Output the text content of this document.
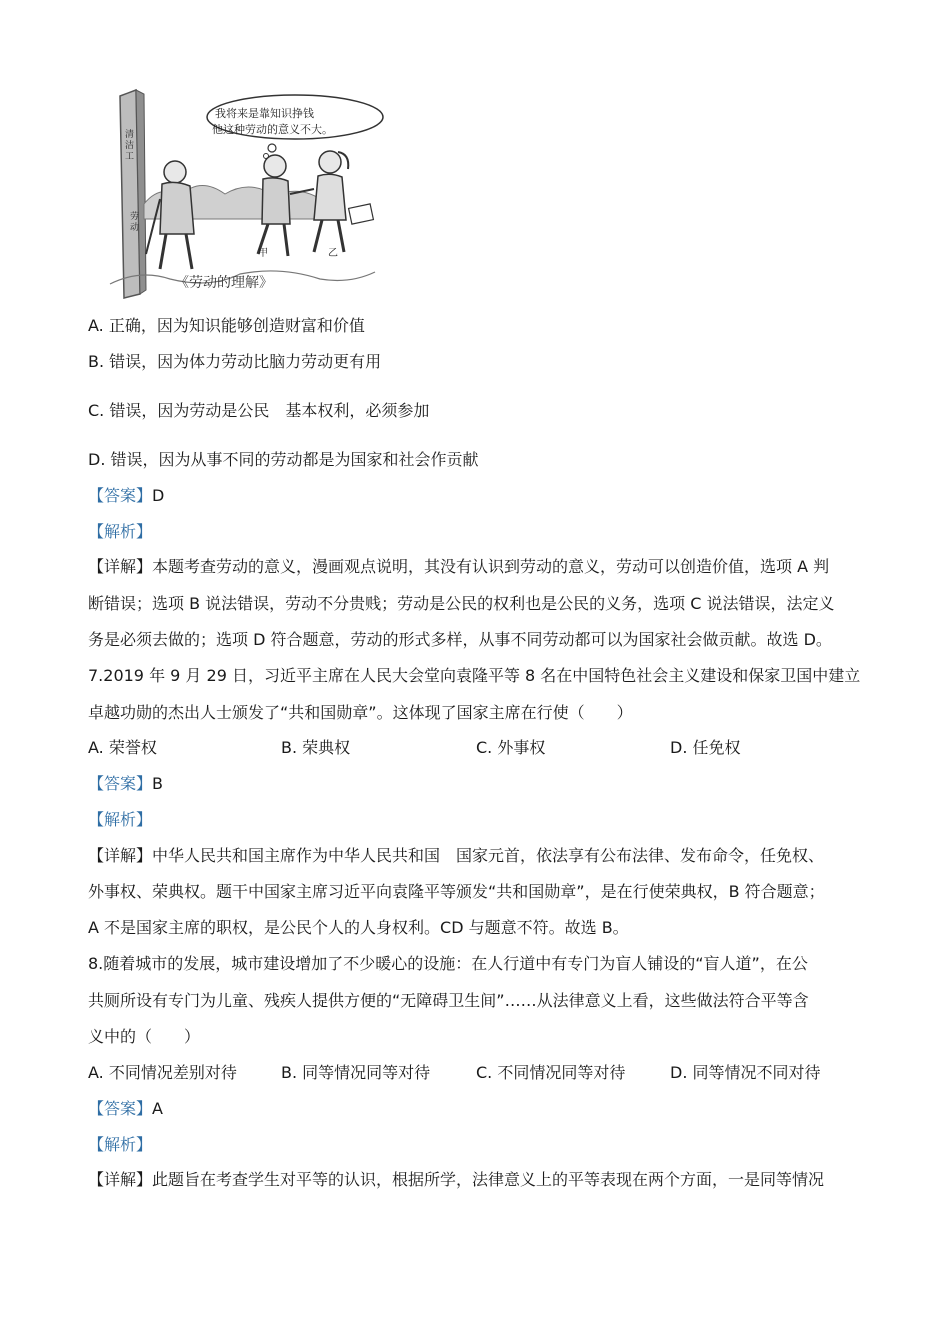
我将来是靠知识挣钱
他这种劳动的意义不大。
清洁工
劳动
甲	乙
《劳动的理解》
A. 正确，因为知识能够创造财富和价值
B. 错误，因为体力劳动比脑力劳动更有用
C. 错误，因为劳动是公民　基本权利，必须参加
D. 错误，因为从事不同的劳动都是为国家和社会作贡献
【答案】D
【解析】
【详解】本题考查劳动的意义，漫画观点说明，其没有认识到劳动的意义，劳动可以创造价值，选项 A 判
断错误；选项 B 说法错误，劳动不分贵贱；劳动是公民的权利也是公民的义务，选项 C 说法错误，法定义
务是必须去做的；选项 D 符合题意，劳动的形式多样，从事不同劳动都可以为国家社会做贡献。故选 D。
7.2019 年 9 月 29 日，习近平主席在人民大会堂向袁隆平等 8 名在中国特色社会主义建设和保家卫国中建立
卓越功勋的杰出人士颁发了“共和国勋章”。这体现了国家主席在行使（　　）
A. 荣誉权	B. 荣典权	C. 外事权	D. 任免权
【答案】B
【解析】
【详解】中华人民共和国主席作为中华人民共和国　国家元首，依法享有公布法律、发布命令，任免权、
外事权、荣典权。题干中国家主席习近平向袁隆平等颁发“共和国勋章”，是在行使荣典权，B 符合题意；
A 不是国家主席的职权，是公民个人的人身权利。CD 与题意不符。故选 B。
8.随着城市的发展，城市建设增加了不少暖心的设施：在人行道中有专门为盲人铺设的“盲人道”，在公
共厕所设有专门为儿童、残疾人提供方便的“无障碍卫生间”……从法律意义上看，这些做法符合平等含
义中的（　　）
A. 不同情况差别对待	B. 同等情况同等对待	C. 不同情况同等对待	D. 同等情况不同对待
【答案】A
【解析】
【详解】此题旨在考查学生对平等的认识，根据所学，法律意义上的平等表现在两个方面，一是同等情况
